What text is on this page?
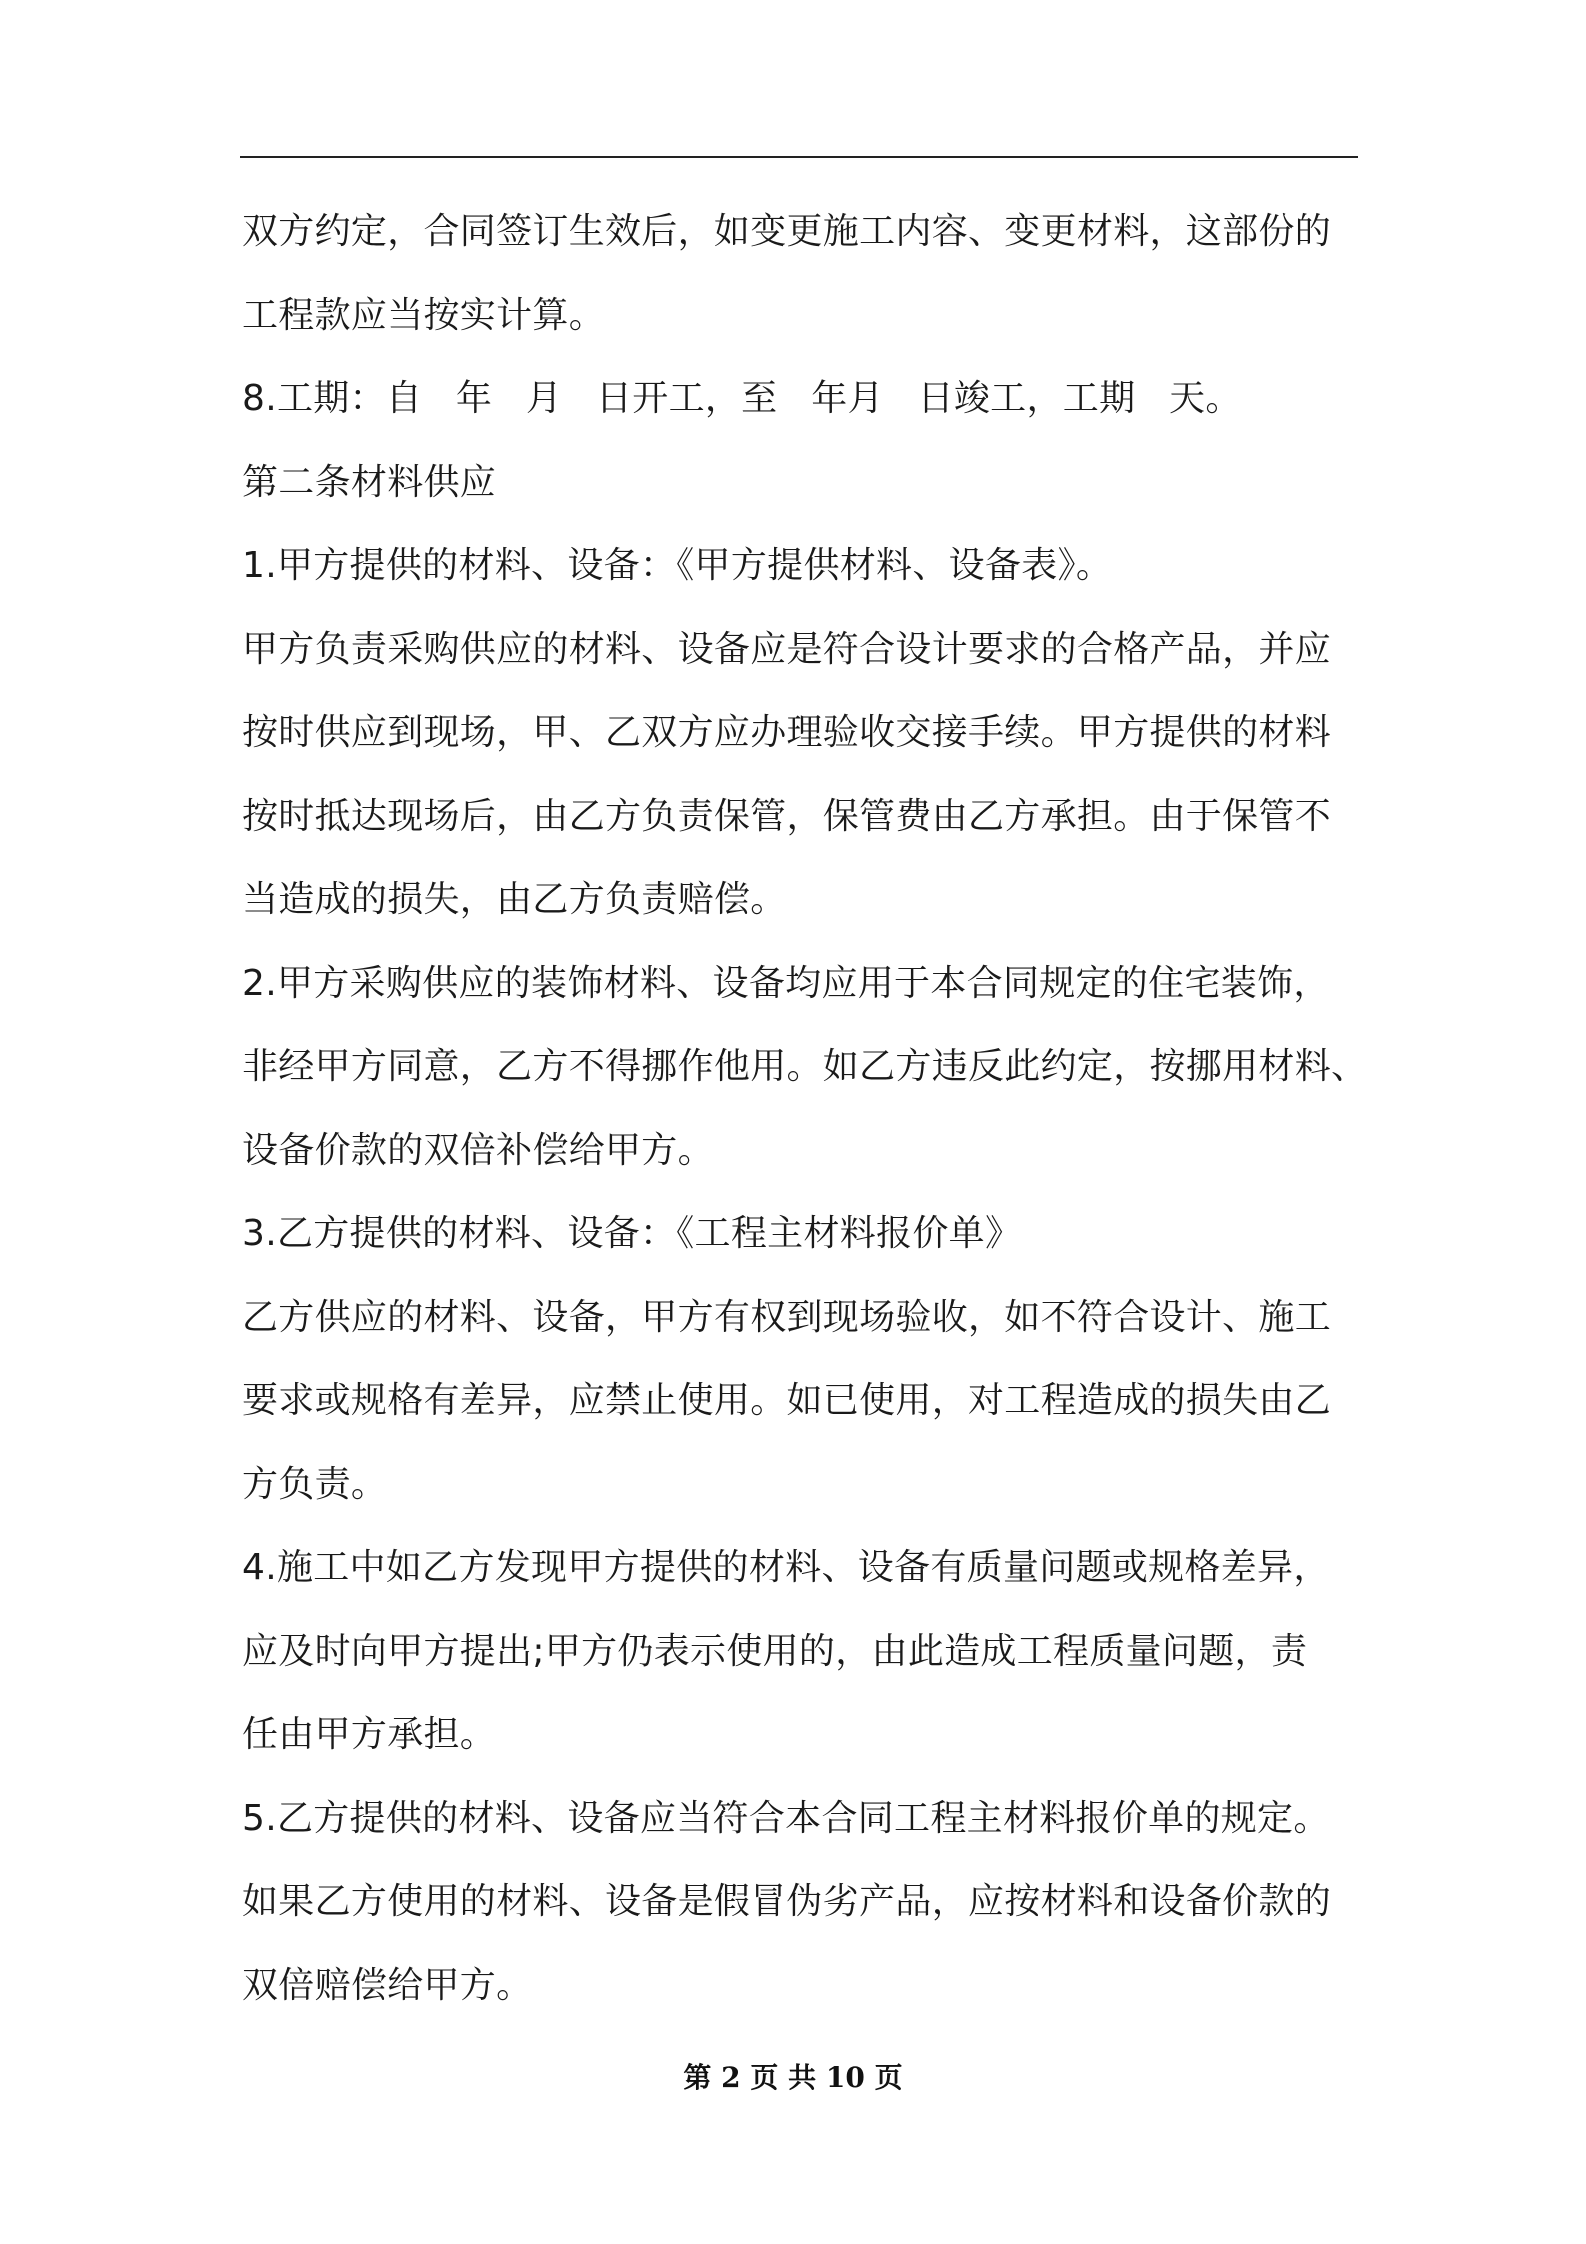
双方约定，合同签订生效后，如变更施工内容、变更材料，这部份的
工程款应当按实计算。
8.工期：自 年 月 日开工，至 年月 日竣工，工期 天。
第二条材料供应
1.甲方提供的材料、设备：《甲方提供材料、设备表》。
甲方负责采购供应的材料、设备应是符合设计要求的合格产品，并应
按时供应到现场，甲、乙双方应办理验收交接手续。甲方提供的材料
按时抵达现场后，由乙方负责保管，保管费由乙方承担。由于保管不
当造成的损失，由乙方负责赔偿。
2.甲方采购供应的装饰材料、设备均应用于本合同规定的住宅装饰，
非经甲方同意，乙方不得挪作他用。如乙方违反此约定，按挪用材料、
设备价款的双倍补偿给甲方。
3.乙方提供的材料、设备：《工程主材料报价单》
乙方供应的材料、设备，甲方有权到现场验收，如不符合设计、施工
要求或规格有差异，应禁止使用。如已使用，对工程造成的损失由乙
方负责。
4.施工中如乙方发现甲方提供的材料、设备有质量问题或规格差异，
应及时向甲方提出;甲方仍表示使用的，由此造成工程质量问题，责
任由甲方承担。
5.乙方提供的材料、设备应当符合本合同工程主材料报价单的规定。
如果乙方使用的材料、设备是假冒伪劣产品，应按材料和设备价款的
双倍赔偿给甲方。
第 2 页 共 10 页
